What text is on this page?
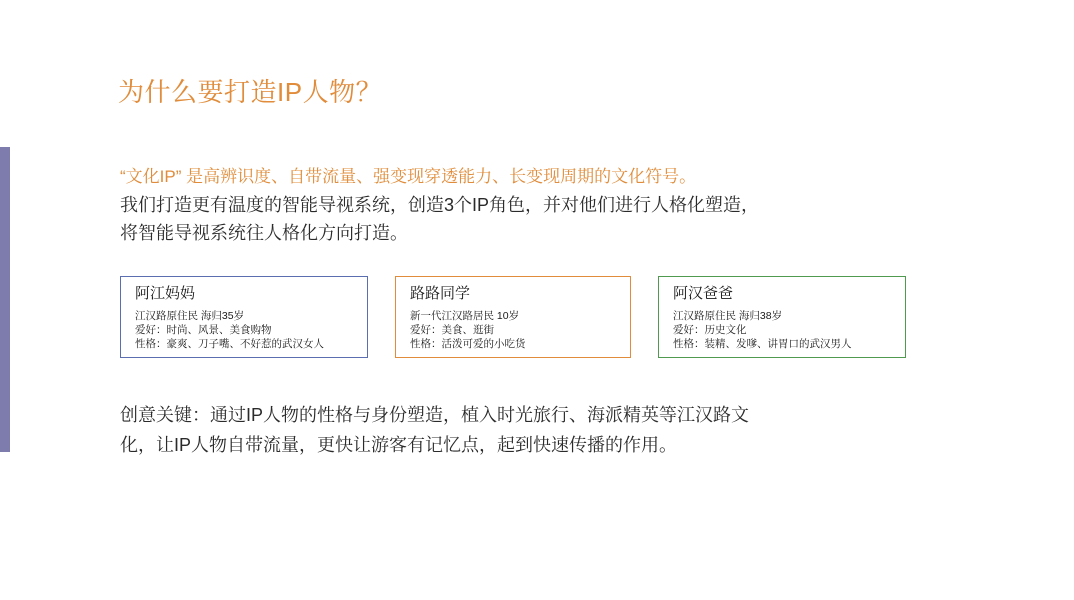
为什么要打造IP人物？
“文化IP” 是高辨识度、自带流量、强变现穿透能力、长变现周期的文化符号。
我们打造更有温度的智能导视系统，创造3个IP角色，并对他们进行人格化塑造，
将智能导视系统往人格化方向打造。
阿江妈妈
江汉路原住民 海归35岁
爱好：时尚、风景、美食购物
性格：豪爽、刀子嘴、不好惹的武汉女人
路路同学
新一代江汉路居民 10岁
爱好：美食、逛街
性格：活泼可爱的小吃货
阿汉爸爸
江汉路原住民 海归38岁
爱好：历史文化
性格：装精、发嗲、讲胃口的武汉男人
创意关键：通过IP人物的性格与身份塑造，植入时光旅行、海派精英等江汉路文
化，让IP人物自带流量，更快让游客有记忆点，起到快速传播的作用。
